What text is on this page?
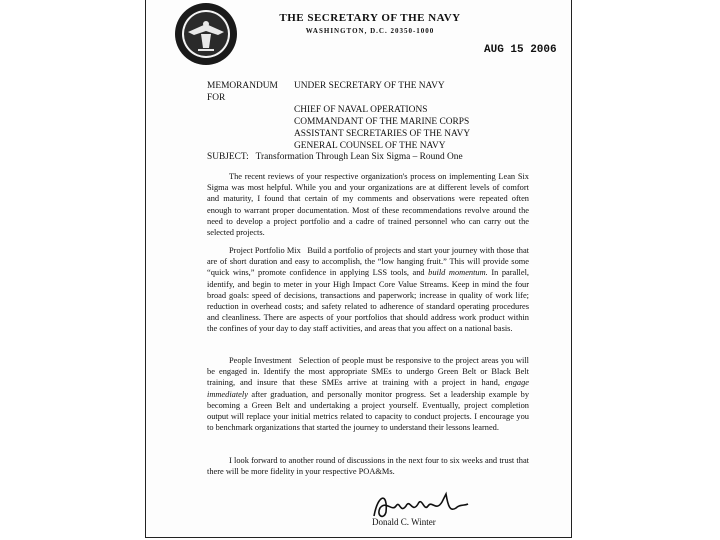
THE SECRETARY OF THE NAVY
WASHINGTON, D.C. 20350-1000
AUG 15 2006
MEMORANDUM FOR
UNDER SECRETARY OF THE NAVY
CHIEF OF NAVAL OPERATIONS
COMMANDANT OF THE MARINE CORPS
ASSISTANT SECRETARIES OF THE NAVY
GENERAL COUNSEL OF THE NAVY
SUBJECT: Transformation Through Lean Six Sigma – Round One
The recent reviews of your respective organization's process on implementing Lean Six Sigma was most helpful. While you and your organizations are at different levels of comfort and maturity, I found that certain of my comments and observations were repeated often enough to warrant proper documentation. Most of these recommendations revolve around the need to develop a project portfolio and a cadre of trained personnel who can carry out the selected projects.
Project Portfolio Mix Build a portfolio of projects and start your journey with those that are of short duration and easy to accomplish, the “low hanging fruit.” This will provide some “quick wins,” promote confidence in applying LSS tools, and build momentum. In parallel, identify, and begin to meter in your High Impact Core Value Streams. Keep in mind the four broad goals: speed of decisions, transactions and paperwork; increase in quality of work life; reduction in overhead costs; and safety related to adherence of standard operating procedures and cleanliness. There are aspects of your portfolios that should address work product within the confines of your day to day staff activities, and areas that you affect on a national basis.
People Investment Selection of people must be responsive to the project areas you will be engaged in. Identify the most appropriate SMEs to undergo Green Belt or Black Belt training, and insure that these SMEs arrive at training with a project in hand, engage immediately after graduation, and personally monitor progress. Set a leadership example by becoming a Green Belt and undertaking a project yourself. Eventually, project completion output will replace your initial metrics related to capacity to conduct projects. I encourage you to benchmark organizations that started the journey to understand their lessons learned.
I look forward to another round of discussions in the next four to six weeks and trust that there will be more fidelity in your respective POA&Ms.
Donald C. Winter
